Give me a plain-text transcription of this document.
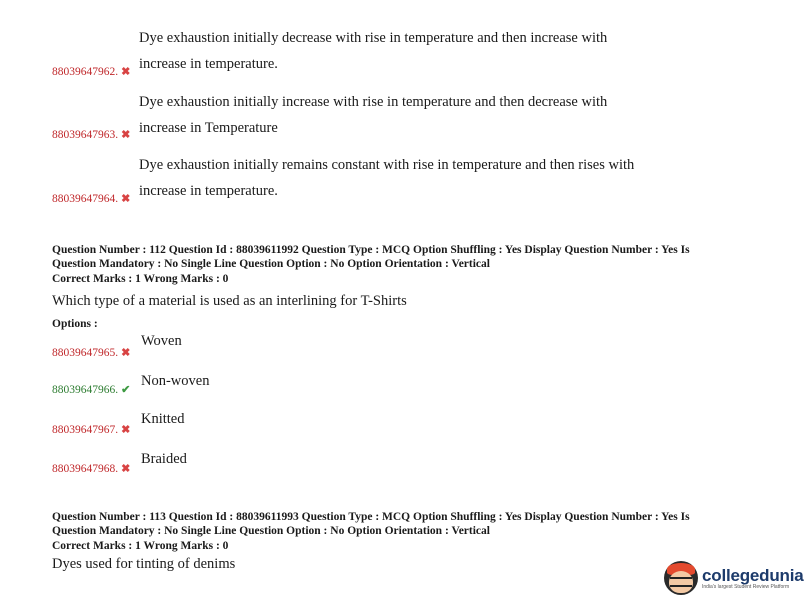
Dye exhaustion initially decrease with rise in temperature and then increase with
increase in temperature.
88039647962. ✖
Dye exhaustion initially increase with rise in temperature and then decrease with
increase in Temperature
88039647963. ✖
Dye exhaustion initially remains constant with rise in temperature and then rises with
increase in temperature.
88039647964. ✖
Question Number : 112 Question Id : 88039611992 Question Type : MCQ Option Shuffling : Yes Display Question Number : Yes Is
Question Mandatory : No Single Line Question Option : No Option Orientation : Vertical
Correct Marks : 1 Wrong Marks : 0
Which type of a material is used as an interlining for T-Shirts
Options :
88039647965. ✖
Woven
88039647966. ✔
Non-woven
88039647967. ✖
Knitted
88039647968. ✖
Braided
Question Number : 113 Question Id : 88039611993 Question Type : MCQ Option Shuffling : Yes Display Question Number : Yes Is
Question Mandatory : No Single Line Question Option : No Option Orientation : Vertical
Correct Marks : 1 Wrong Marks : 0
Dyes used for tinting of denims
collegedunia
India's largest Student Review Platform
